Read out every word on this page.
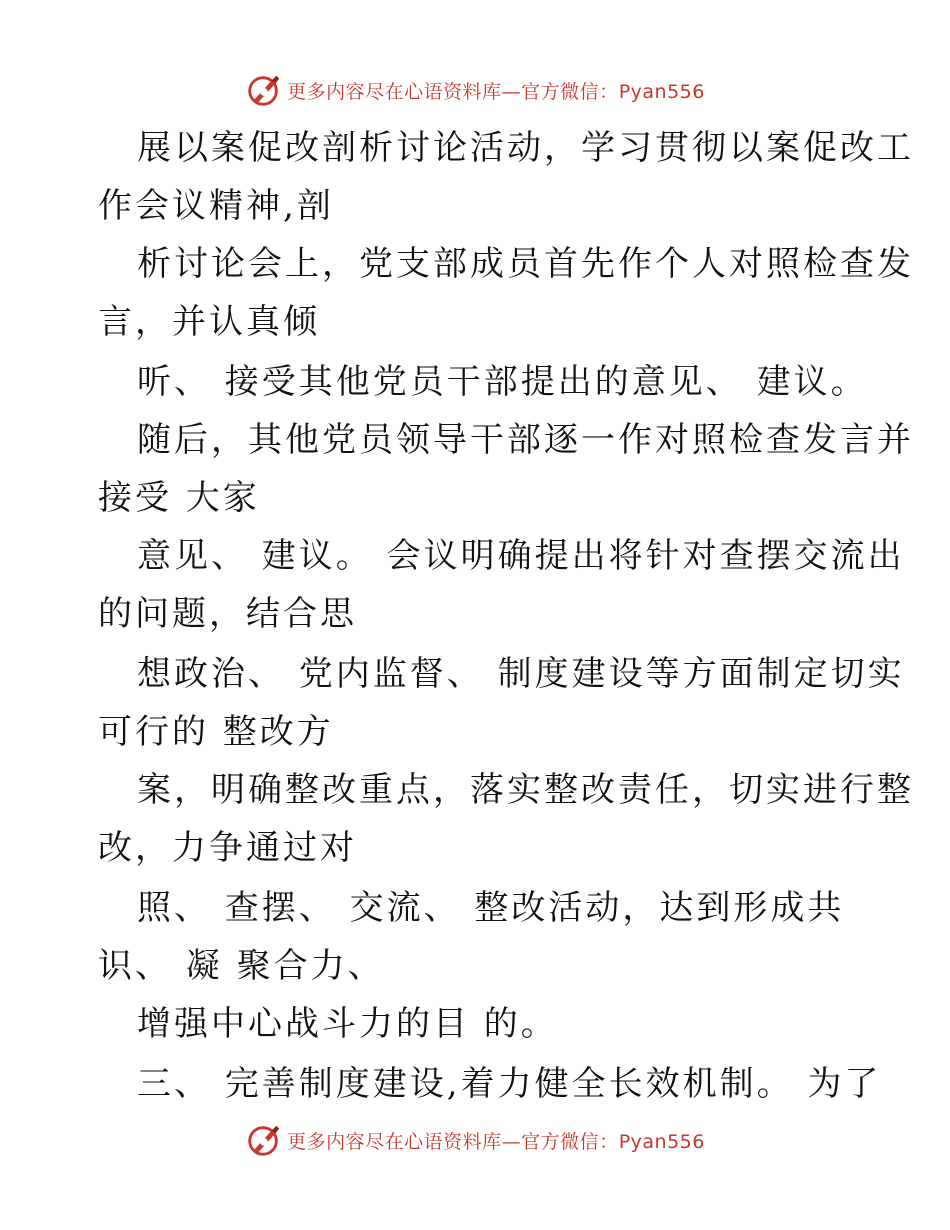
更多内容尽在心语资料库—官方微信：Pyan556
展以案促改剖析讨论活动，学习贯彻以案促改工
作会议精神,剖
析讨论会上，党支部成员首先作个人对照检查发
言，并认真倾
听、 接受其他党员干部提出的意见、 建议。
随后，其他党员领导干部逐一作对照检查发言并
接受 大家
意见、 建议。 会议明确提出将针对查摆交流出
的问题，结合思
想政治、 党内监督、 制度建设等方面制定切实
可行的 整改方
案，明确整改重点，落实整改责任，切实进行整
改，力争通过对
照、 查摆、 交流、 整改活动，达到形成共
识、 凝 聚合力、
增强中心战斗力的目 的。
三、 完善制度建设,着力健全长效机制。 为了
更多内容尽在心语资料库—官方微信：Pyan556
